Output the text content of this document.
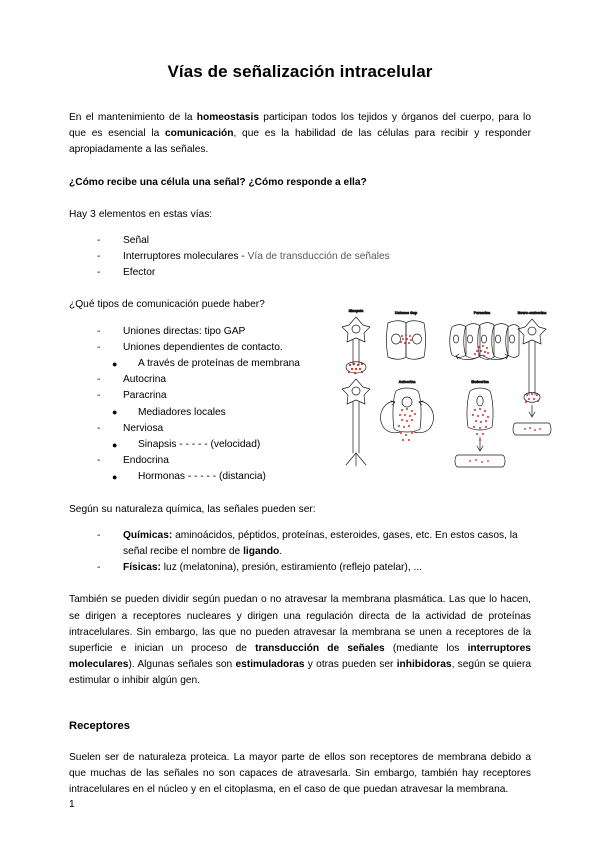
Vías de señalización intracelular

En el mantenimiento de la homeostasis participan todos los tejidos y órganos del cuerpo, para lo que es esencial la comunicación, que es la habilidad de las células para recibir y responder apropiadamente a las señales.

¿Cómo recibe una célula una señal? ¿Cómo responde a ella?

Hay 3 elementos en estas vías:

- Señal
- Interruptores moleculares - Vía de transducción de señales
- Efector

¿Qué tipos de comunicación puede haber?

- Uniones directas: tipo GAP
- Uniones dependientes de contacto.
● A través de proteínas de membrana
- Autocrina
- Paracrina
● Mediadores locales
- Nerviosa
● Sinapsis - - - - - (velocidad)
- Endocrina
● Hormonas - - - - - (distancia)
Sinapsis	Uniones Gap	Paracrina	Neuro-endocrina
Autocrina	Endocrina

Según su naturaleza química, las señales pueden ser:

- Químicas: aminoácidos, péptidos, proteínas, esteroides, gases, etc. En estos casos, la señal recibe el nombre de ligando.
- Físicas: luz (melatonina), presión, estiramiento (reflejo patelar), ...

También se pueden dividir según puedan o no atravesar la membrana plasmática. Las que lo hacen, se dirigen a receptores nucleares y dirigen una regulación directa de la actividad de proteínas intracelulares. Sin embargo, las que no pueden atravesar la membrana se unen a receptores de la superficie e inician un proceso de transducción de señales (mediante los interruptores moleculares). Algunas señales son estimuladoras y otras pueden ser inhibidoras, según se quiera estimular o inhibir algún gen.

Receptores

Suelen ser de naturaleza proteica. La mayor parte de ellos son receptores de membrana debido a que muchas de las señales no son capaces de atravesarla. Sin embargo, también hay receptores intracelulares en el núcleo y en el citoplasma, en el caso de que puedan atravesar la membrana.

1
